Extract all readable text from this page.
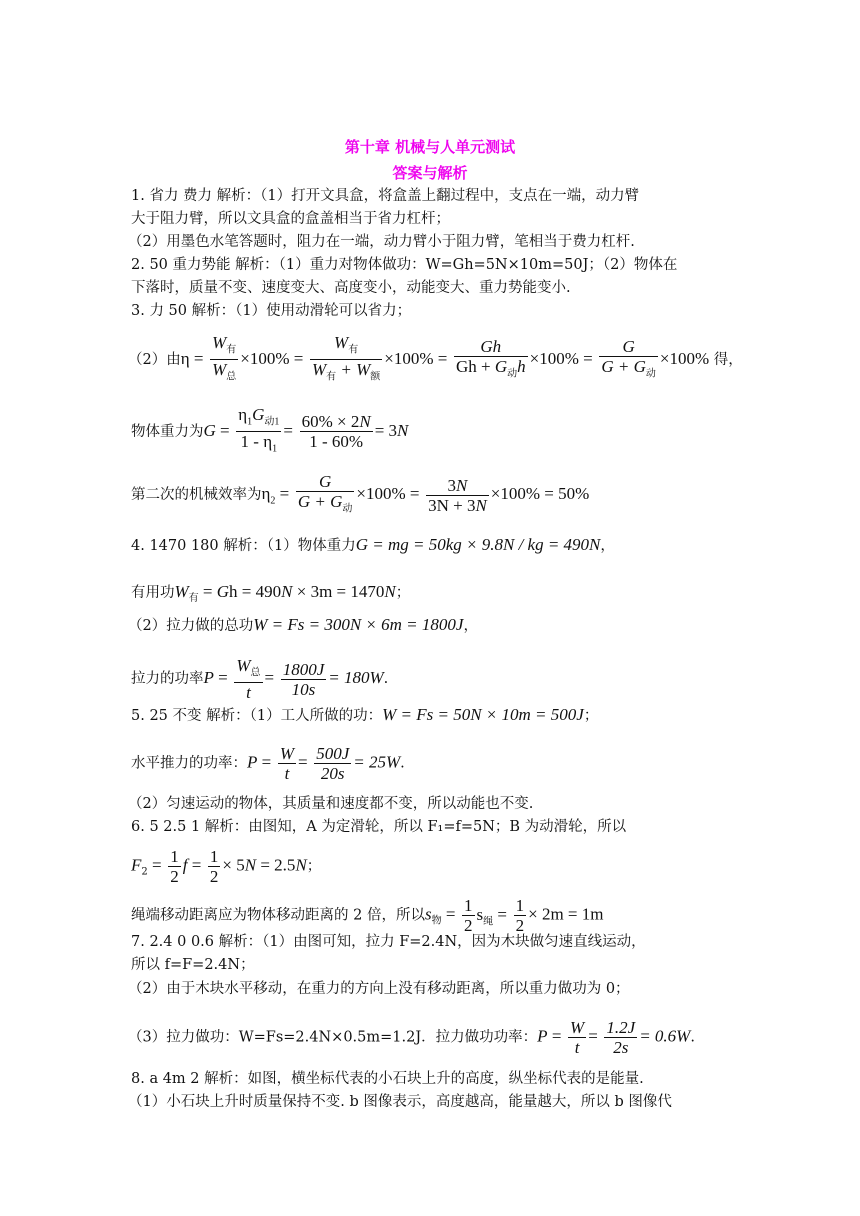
第十章 机械与人单元测试
答案与解析
1. 省力 费力 解析：（1）打开文具盒，将盒盖上翻过程中，支点在一端，动力臂
大于阻力臂，所以文具盒的盒盖相当于省力杠杆；
（2）用墨色水笔答题时，阻力在一端，动力臂小于阻力臂，笔相当于费力杠杆.
2. 50 重力势能 解析：（1）重力对物体做功：W=Gh=5N×10m=50J；（2）物体在
下落时，质量不变、速度变大、高度变小，动能变大、重力势能变小.
3. 力 50 解析：（1）使用动滑轮可以省力；
（2）由$\eta = \frac{W_有}{W_总} \times 100\% = \frac{W_有}{W_有 + W_额} \times 100\% = \frac{Gh}{Gh + G_动h} \times 100\% = \frac{G}{G + G_动} \times 100\%$ 得，
物体重力为$G = \frac{\eta_1G_{动1}}{1 - \eta_1} = \frac{60\% \times 2N}{1 - 60\%} = 3N$
第二次的机械效率为$\eta_2 = \frac{G}{G + G_动} \times 100\% = \frac{3N}{3N + 3N} \times 100\% = 50\%$
4. 1470 180 解析：（1）物体重力G = mg = 50kg × 9.8N / kg = 490N，
有用功$W_有 = Gh = 490N \times 3m = 1470N$；
（2）拉力做的总功W = Fs = 300N × 6m = 1800J，
拉力的功率$P = \frac{W_总}{t} = \frac{1800J}{10s} = 180W$.
5. 25 不变 解析：（1）工人所做的功：W = Fs = 50N × 10m = 500J；
水平推力的功率：$P = \frac{W}{t} = \frac{500J}{20s} = 25W$.
（2）匀速运动的物体，其质量和速度都不变，所以动能也不变.
6. 5 2.5 1 解析：由图知，A 为定滑轮，所以 F₁=f=5N；B 为动滑轮，所以
$F_2 = \frac{1}{2}$ $f = \frac{1}{2} \times 5N = 2.5N$；
绳端移动距离应为物体移动距离的 2 倍，所以$s_物 = \frac{1}{2} s_绳 = \frac{1}{2} \times 2m = 1m$
7. 2.4 0 0.6 解析：（1）由图可知，拉力 F=2.4N，因为木块做匀速直线运动，
所以 f=F=2.4N；
（2）由于木块水平移动，在重力的方向上没有移动距离，所以重力做功为 0；
（3）拉力做功：W=Fs=2.4N×0.5m=1.2J．拉力做功功率：$P = \frac{W}{t} = \frac{1.2J}{2s} = 0.6W$.
8. a 4m 2 解析：如图，横坐标代表的小石块上升的高度，纵坐标代表的是能量.
（1）小石块上升时质量保持不变. b 图像表示，高度越高，能量越大，所以 b 图像代
